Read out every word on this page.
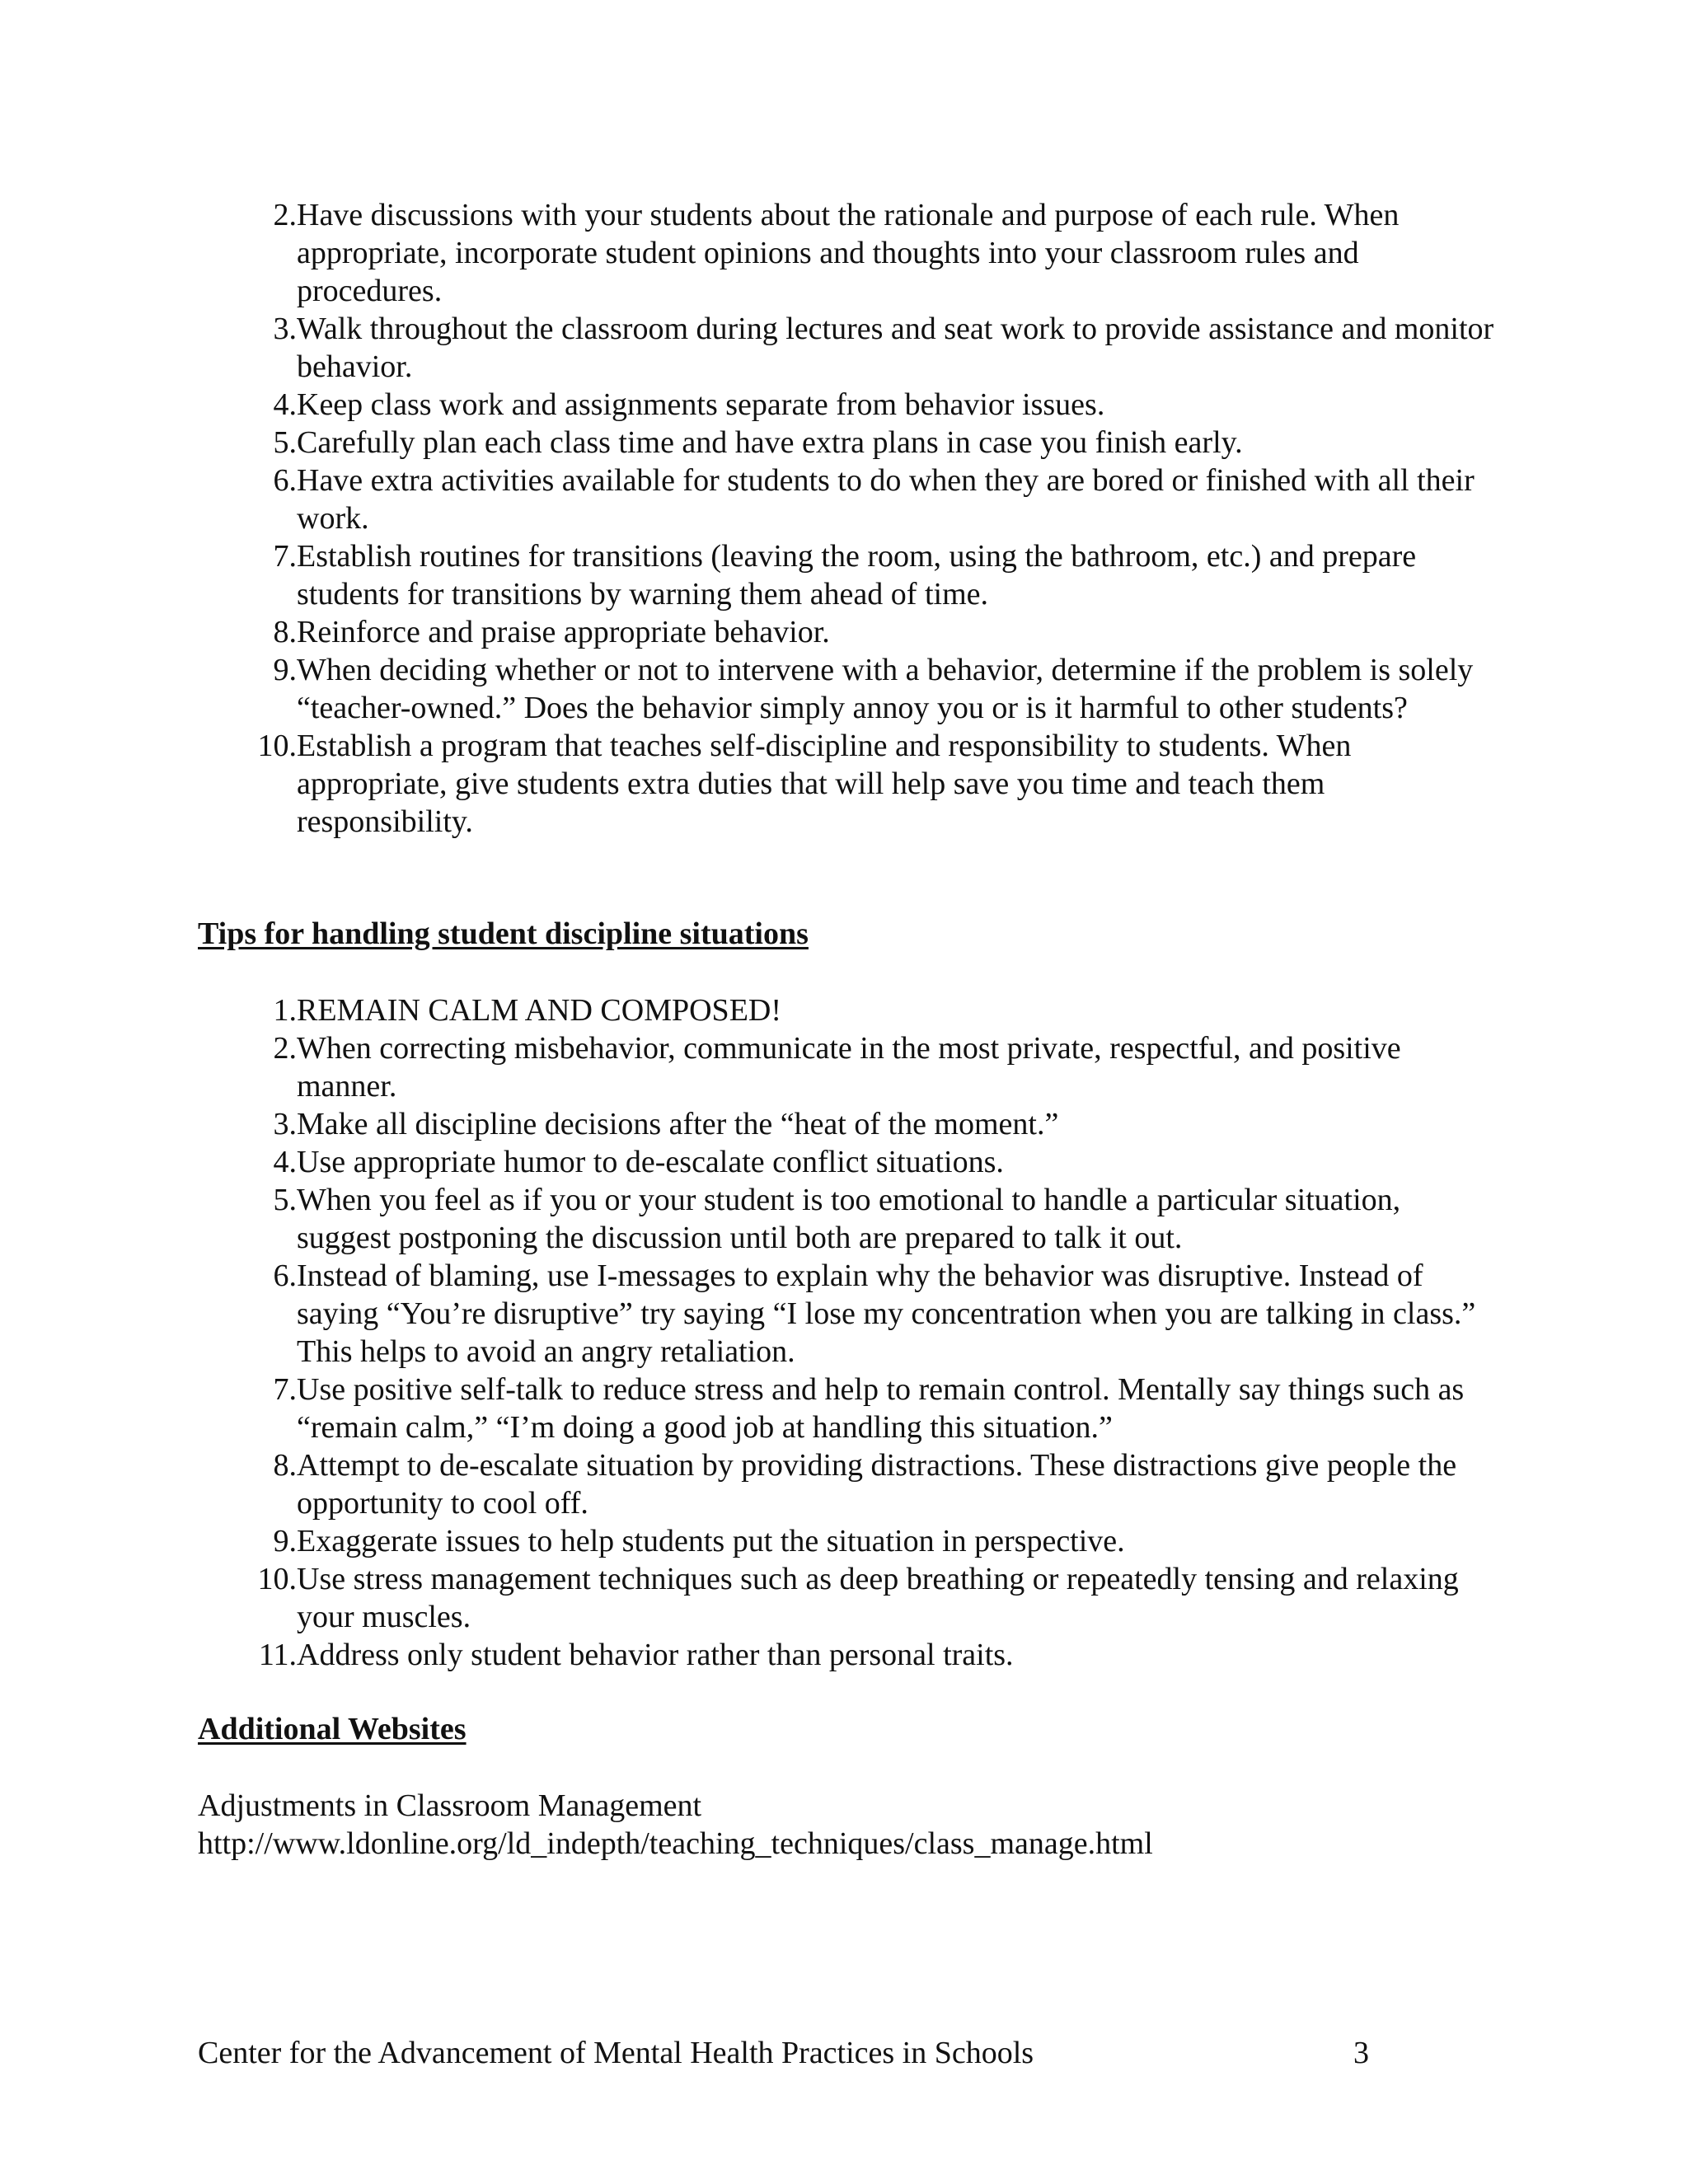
2. Have discussions with your students about the rationale and purpose of each rule. When appropriate, incorporate student opinions and thoughts into your classroom rules and procedures.
3. Walk throughout the classroom during lectures and seat work to provide assistance and monitor behavior.
4. Keep class work and assignments separate from behavior issues.
5. Carefully plan each class time and have extra plans in case you finish early.
6. Have extra activities available for students to do when they are bored or finished with all their work.
7. Establish routines for transitions (leaving the room, using the bathroom, etc.) and prepare students for transitions by warning them ahead of time.
8. Reinforce and praise appropriate behavior.
9. When deciding whether or not to intervene with a behavior, determine if the problem is solely “teacher-owned.” Does the behavior simply annoy you or is it harmful to other students?
10. Establish a program that teaches self-discipline and responsibility to students. When appropriate, give students extra duties that will help save you time and teach them responsibility.
Tips for handling student discipline situations
1. REMAIN CALM AND COMPOSED!
2. When correcting misbehavior, communicate in the most private, respectful, and positive manner.
3. Make all discipline decisions after the “heat of the moment.”
4. Use appropriate humor to de-escalate conflict situations.
5. When you feel as if you or your student is too emotional to handle a particular situation, suggest postponing the discussion until both are prepared to talk it out.
6. Instead of blaming, use I-messages to explain why the behavior was disruptive. Instead of saying “You’re disruptive” try saying “I lose my concentration when you are talking in class.” This helps to avoid an angry retaliation.
7. Use positive self-talk to reduce stress and help to remain control. Mentally say things such as “remain calm,” “I’m doing a good job at handling this situation.”
8. Attempt to de-escalate situation by providing distractions. These distractions give people the opportunity to cool off.
9. Exaggerate issues to help students put the situation in perspective.
10. Use stress management techniques such as deep breathing or repeatedly tensing and relaxing your muscles.
11. Address only student behavior rather than personal traits.
Additional Websites
Adjustments in Classroom Management
http://www.ldonline.org/ld_indepth/teaching_techniques/class_manage.html
Center for the Advancement of Mental Health Practices in Schools	3
